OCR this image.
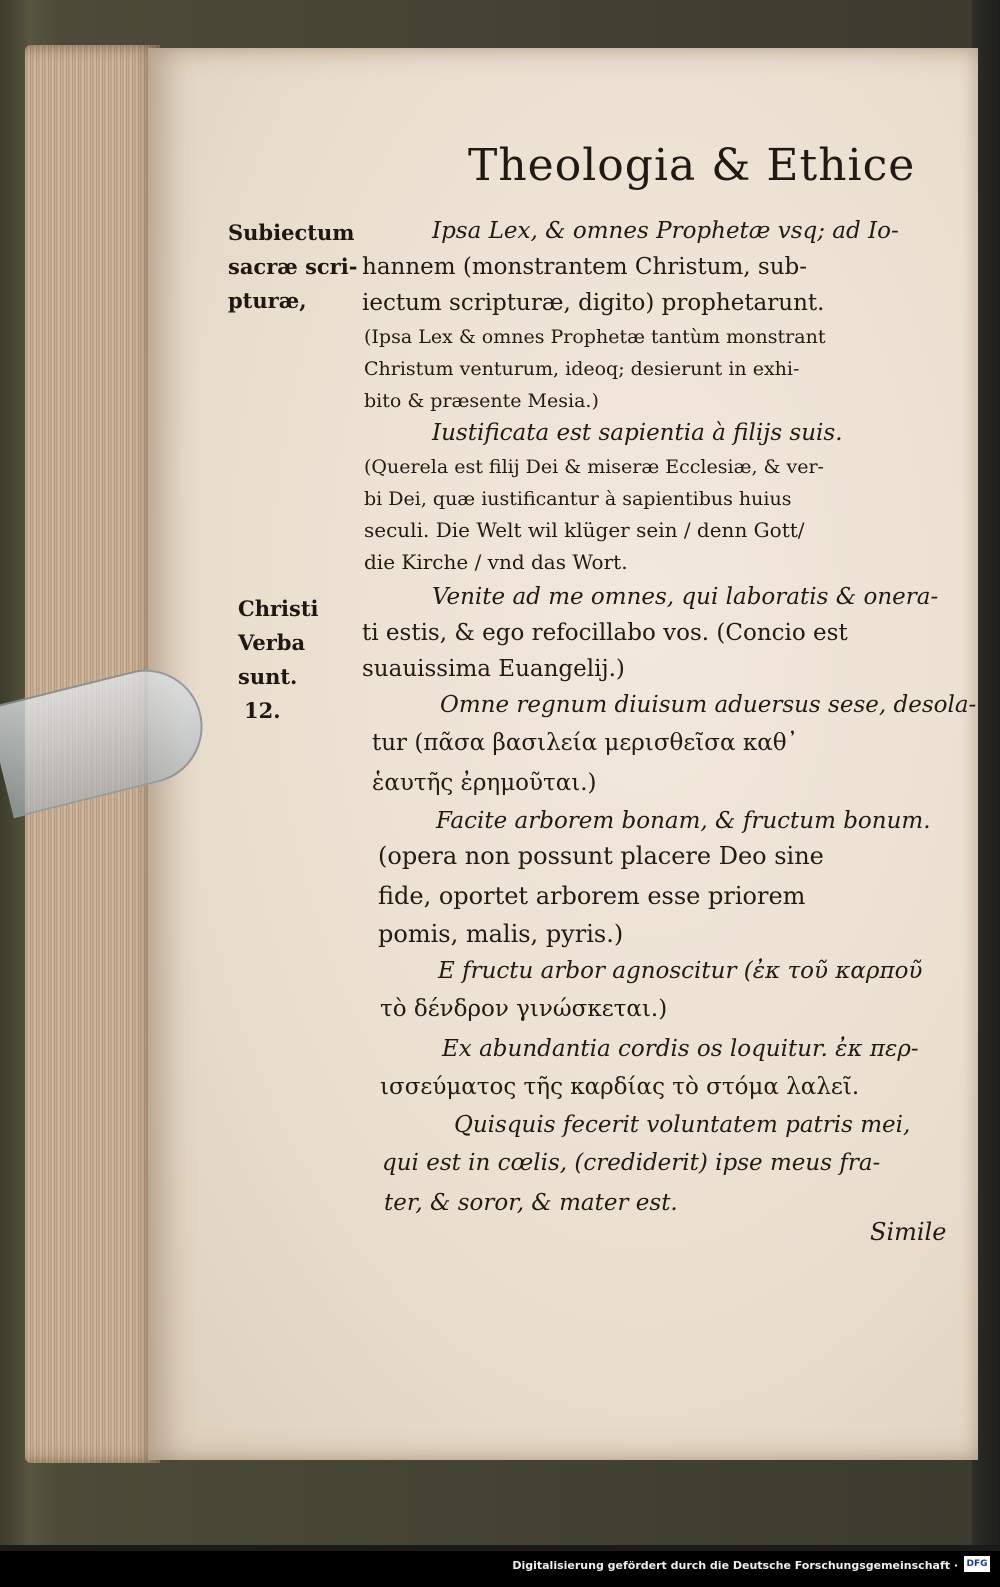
Theologia & Ethice
Subiectum
sacræ scri-
pturæ,
Christi
Verba
sunt.
12.
Ipsa Lex, & omnes Prophetæ vsq; ad Io-
hannem (monstrantem Christum, sub-
iectum scripturæ, digito) prophetarunt.
(Ipsa Lex & omnes Prophetæ tantùm monstrant
Christum venturum, ideoq; desierunt in exhi-
bito & præsente Mesia.)
Iustificata est sapientia à filijs suis.
(Querela est filij Dei & miseræ Ecclesiæ, & ver-
bi Dei, quæ iustificantur à sapientibus huius
seculi. Die Welt wil klüger sein / denn Gott/
die Kirche / vnd das Wort.
Venite ad me omnes, qui laboratis & onera-
ti estis, & ego refocillabo vos. (Concio est
suauissima Euangelij.)
Omne regnum diuisum aduersus sese, desola-
tur (πᾶσα βασιλεία μερισθεῖσα καθ᾽
ἑαυτῆς ἐρημοῦται.)
Facite arborem bonam, & fructum bonum.
(opera non possunt placere Deo sine
fide, oportet arborem esse priorem
pomis, malis, pyris.)
E fructu arbor agnoscitur (ἐκ τοῦ καρποῦ
τὸ δένδρον γινώσκεται.)
Ex abundantia cordis os loquitur. ἐκ περ-
ισσεύματος τῆς καρδίας τὸ στόμα λαλεῖ.
Quisquis fecerit voluntatem patris mei,
qui est in cœlis, (crediderit) ipse meus fra-
ter, & soror, & mater est.
Simile
Digitalisierung gefördert durch die Deutsche Forschungsgemeinschaft · DFG
